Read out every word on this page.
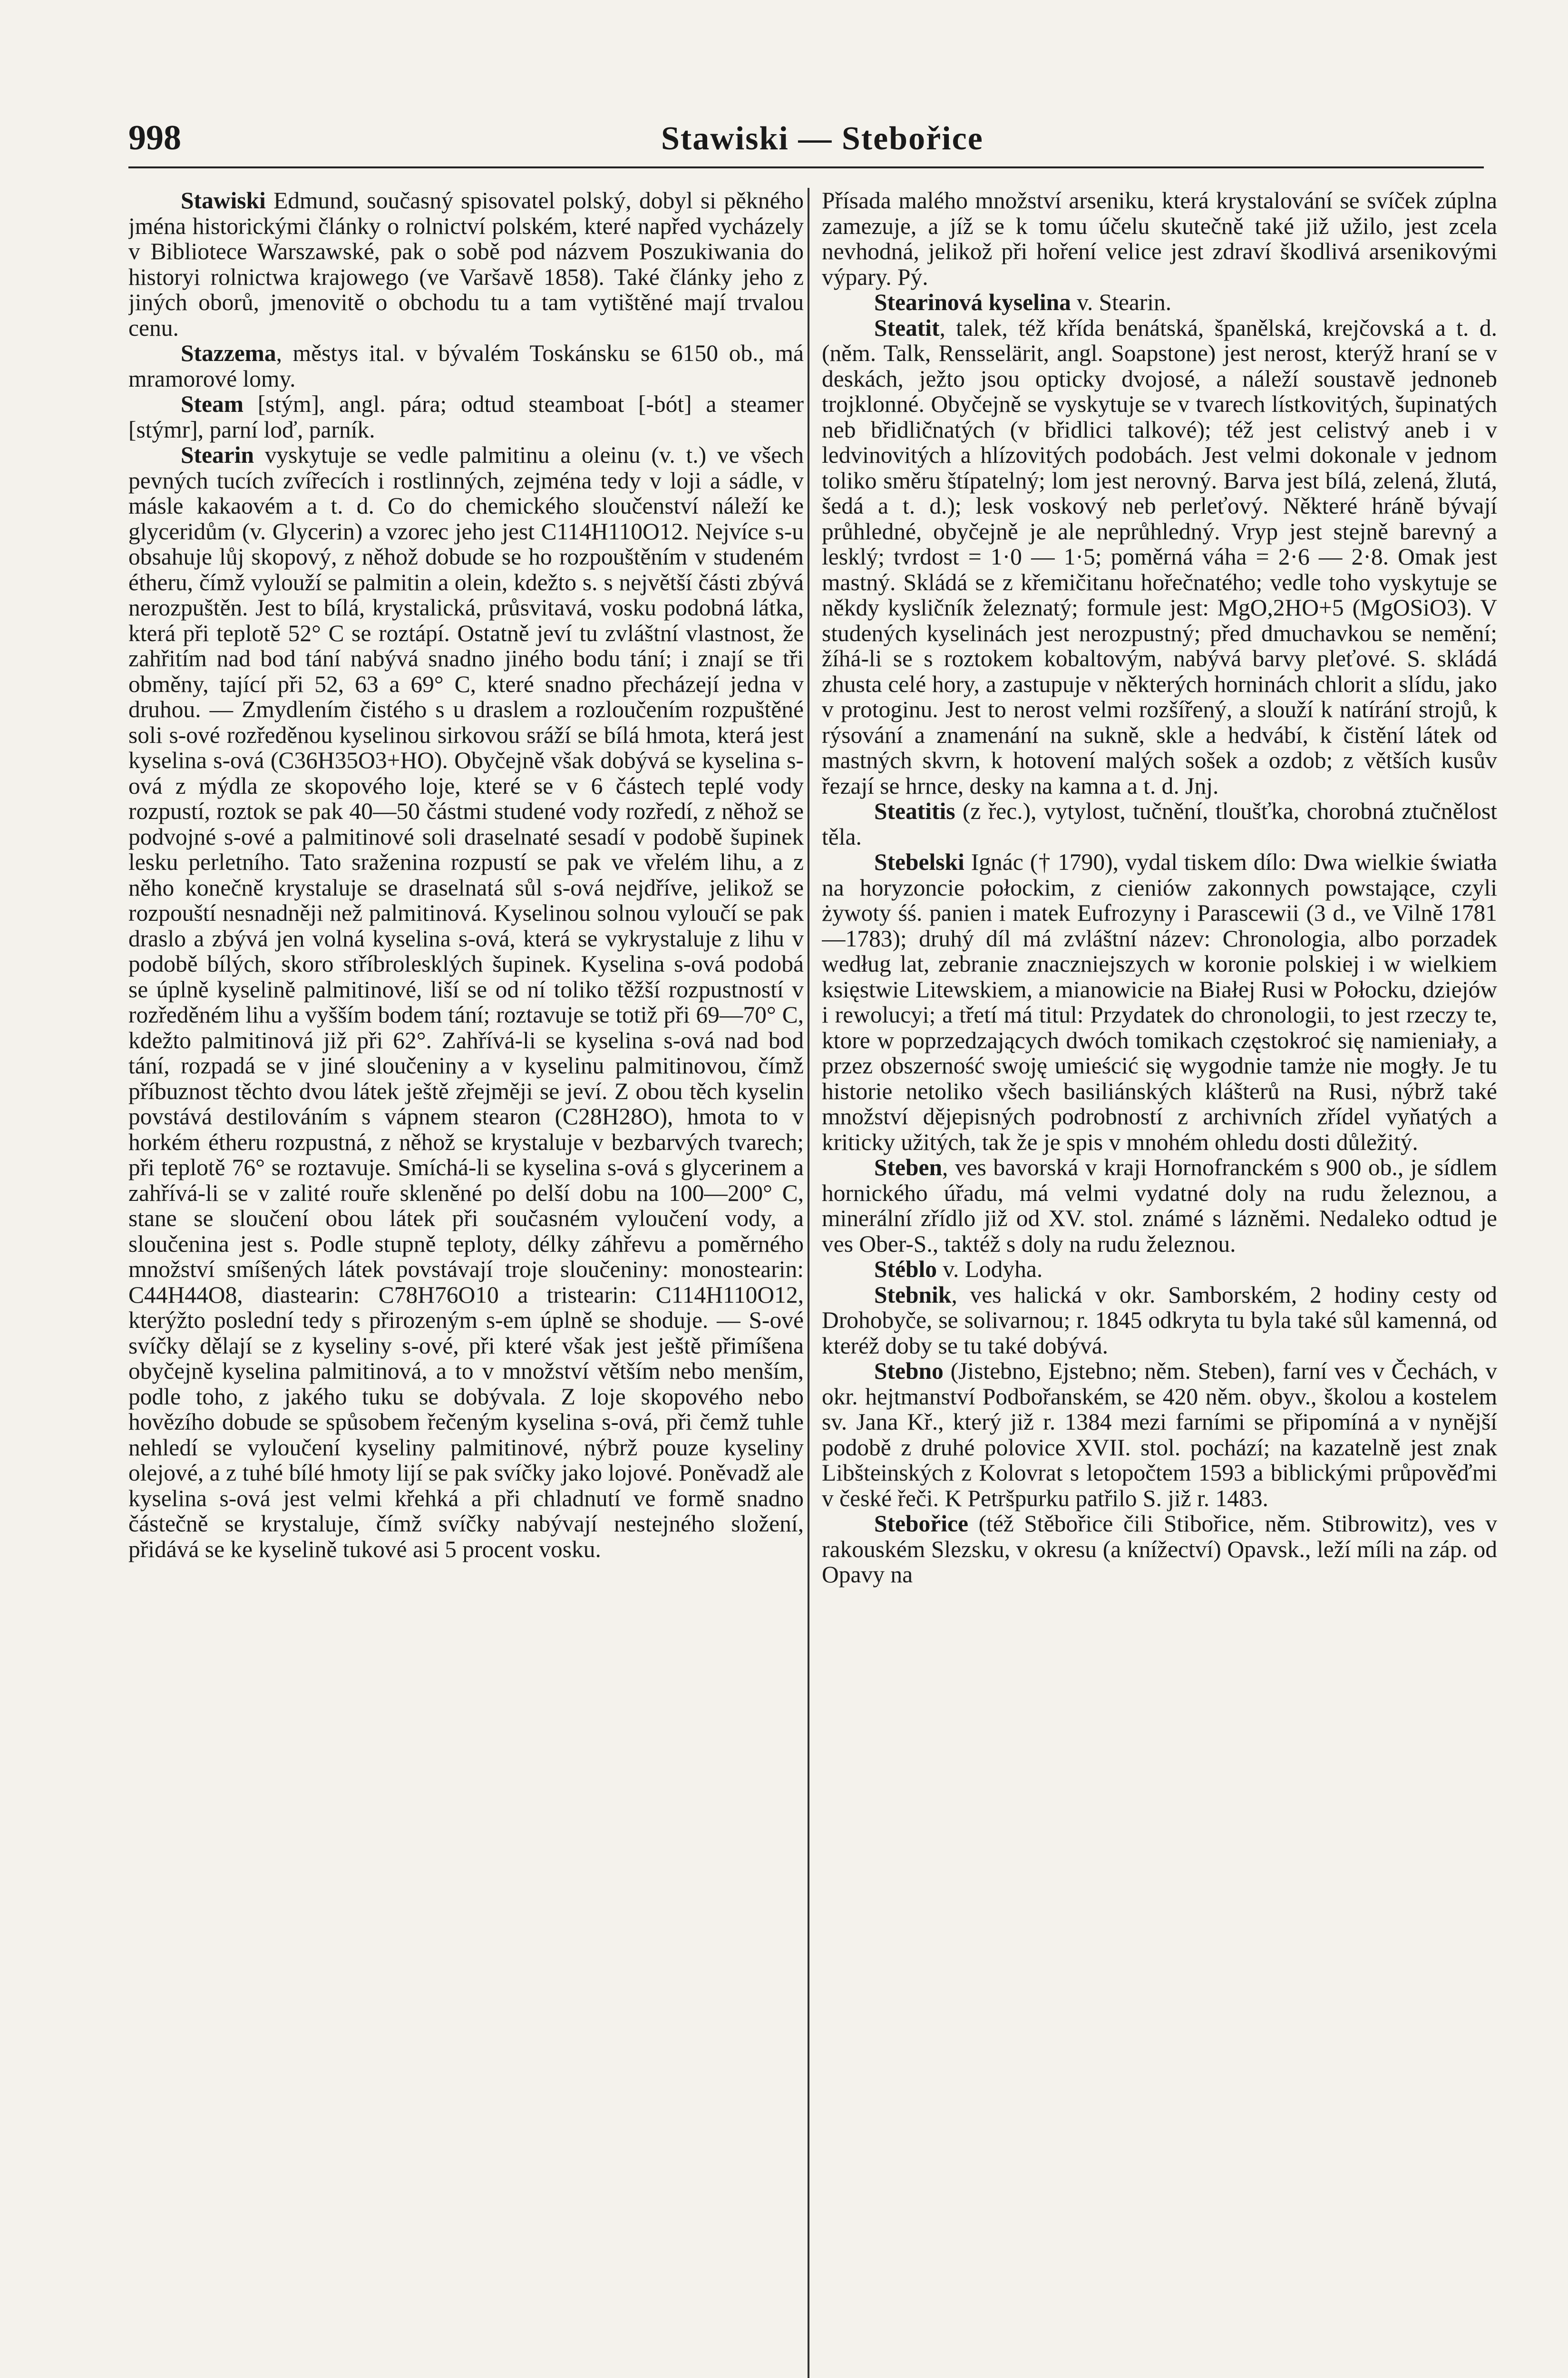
998	Stawiski — Stebořice

Stawiski Edmund, současný spisovatel polský, dobyl si pěkného jména historickými články o rolnictví polském, které napřed vycházely v Bibliotece Warszawské, pak o sobě pod názvem Poszukiwania do historyi rolnictwa krajowego (ve Varšavě 1858). Také články jeho z jiných oborů, jmenovitě o obchodu tu a tam vytištěné mají trvalou cenu.

Stazzema, městys ital. v bývalém Toskánsku se 6150 ob., má mramorové lomy.

Steam [stým], angl. pára; odtud steamboat [-bót] a steamer [stýmr], parní loď, parník.

Stearin vyskytuje se vedle palmitinu a oleinu (v. t.) ve všech pevných tucích zvířecích i rostlinných, zejména tedy v loji a sádle, v másle kakaovém a t. d. Co do chemického sloučenství náleží ke glyceridům (v. Glycerin) a vzorec jeho jest C114H110O12. Nejvíce s-u obsahuje lůj skopový, z něhož dobude se ho rozpouštěním v studeném étheru, čímž vylouží se palmitin a olein, kdežto s. s největší části zbývá nerozpuštěn. Jest to bílá, krystalická, průsvitavá, vosku podobná látka, která při teplotě 52° C se roztápí. Ostatně jeví tu zvláštní vlastnost, že zahřitím nad bod tání nabývá snadno jiného bodu tání; i znají se tři obměny, tající při 52, 63 a 69° C, které snadno přecházejí jedna v druhou. — Zmydlením čistého s u draslem a rozloučením rozpuštěné soli s-ové rozředěnou kyselinou sirkovou sráží se bílá hmota, která jest kyselina s-ová (C36H35O3+HO). Obyčejně však dobývá se kyselina s-ová z mýdla ze skopového loje, které se v 6 částech teplé vody rozpustí, roztok se pak 40—50 částmi studené vody rozředí, z něhož se podvojné s-ové a palmitinové soli draselnaté sesadí v podobě šupinek lesku perletního. Tato sraženina rozpustí se pak ve vřelém lihu, a z něho konečně krystaluje se draselnatá sůl s-ová nejdříve, jelikož se rozpouští nesnadněji než palmitinová. Kyselinou solnou vyloučí se pak draslo a zbývá jen volná kyselina s-ová, která se vykrystaluje z lihu v podobě bílých, skoro stříbrolesklých šupinek. Kyselina s-ová podobá se úplně kyselině palmitinové, liší se od ní toliko těžší rozpustností v rozředěném lihu a vyšším bodem tání; roztavuje se totiž při 69—70° C, kdežto palmitinová již při 62°. Zahřívá-li se kyselina s-ová nad bod tání, rozpadá se v jiné sloučeniny a v kyselinu palmitinovou, čímž příbuznost těchto dvou látek ještě zřejměji se jeví. Z obou těch kyselin povstává destilováním s vápnem stearon (C28H28O), hmota to v horkém étheru rozpustná, z něhož se krystaluje v bezbarvých tvarech; při teplotě 76° se roztavuje. Smíchá-li se kyselina s-ová s glycerinem a zahřívá-li se v zalité rouře skleněné po delší dobu na 100—200° C, stane se sloučení obou látek při současném vyloučení vody, a sloučenina jest s. Podle stupně teploty, délky záhřevu a poměrného množství smíšených látek povstávají troje sloučeniny: monostearin: C44H44O8, diastearin: C78H76O10 a tristearin: C114H110O12, kterýžto poslední tedy s přirozeným s-em úplně se shoduje. — S-ové svíčky dělají se z kyseliny s-ové, při které však jest ještě přimíšena obyčejně kyselina palmitinová, a to v množství větším nebo menším, podle toho, z jakého tuku se dobývala. Z loje skopového nebo hovězího dobude se spůsobem řečeným kyselina s-ová, při čemž tuhle nehledí se vyloučení kyseliny palmitinové, nýbrž pouze kyseliny olejové, a z tuhé bílé hmoty lijí se pak svíčky jako lojové. Poněvadž ale kyselina s-ová jest velmi křehká a při chladnutí ve formě snadno částečně se krystaluje, čímž svíčky nabývají nestejného složení, přidává se ke kyselině tukové asi 5 procent vosku.

Přísada malého množství arseniku, která krystalování se svíček zúplna zamezuje, a jíž se k tomu účelu skutečně také již užilo, jest zcela nevhodná, jelikož při hoření velice jest zdraví škodlivá arsenikovými výpary. Pý.

Stearinová kyselina v. Stearin.

Steatit, talek, též křída benátská, španělská, krejčovská a t. d. (něm. Talk, Rensselärit, angl. Soapstone) jest nerost, kterýž hraní se v deskách, ježto jsou opticky dvojosé, a náleží soustavě jednoneb trojklonné. Obyčejně se vyskytuje se v tvarech lístkovitých, šupinatých neb břidličnatých (v břidlici talkové); též jest celistvý aneb i v ledvinovitých a hlízovitých podobách. Jest velmi dokonale v jednom toliko směru štípatelný; lom jest nerovný. Barva jest bílá, zelená, žlutá, šedá a t. d.); lesk voskový neb perleťový. Některé hráně bývají průhledné, obyčejně je ale neprůhledný. Vryp jest stejně barevný a lesklý; tvrdost = 1·0 — 1·5; poměrná váha = 2·6 — 2·8. Omak jest mastný. Skládá se z křemičitanu hořečnatého; vedle toho vyskytuje se někdy kysličník železnatý; formule jest: MgO,2HO+5 (MgOSiO3). V studených kyselinách jest nerozpustný; před dmuchavkou se nemění; žíhá-li se s roztokem kobaltovým, nabývá barvy pleťové. S. skládá zhusta celé hory, a zastupuje v některých horninách chlorit a slídu, jako v protoginu. Jest to nerost velmi rozšířený, a slouží k natírání strojů, k rýsování a znamenání na sukně, skle a hedvábí, k čistění látek od mastných skvrn, k hotovení malých sošek a ozdob; z větších kusův řezají se hrnce, desky na kamna a t. d. Jnj.

Steatitis (z řec.), vytylost, tučnění, tloušťka, chorobná ztučnělost těla.

Stebelski Ignác († 1790), vydal tiskem dílo: Dwa wielkie światła na horyzoncie połockim, z cieniów zakonnych powstające, czyli żywoty śś. panien i matek Eufrozyny i Parascewii (3 d., ve Vilně 1781—1783); druhý díl má zvláštní název: Chronologia, albo porzadek według lat, zebranie znaczniejszych w koronie polskiej i w wielkiem księstwie Litewskiem, a mianowicie na Białej Rusi w Połocku, dziejów i rewolucyi; a třetí má titul: Przydatek do chronologii, to jest rzeczy te, ktore w poprzedzających dwóch tomikach częstokroć się namieniały, a przez obszerność swoję umieścić się wygodnie tamże nie mogły. Je tu historie netoliko všech basiliánských klášterů na Rusi, nýbrž také množství dějepisných podrobností z archivních zřídel vyňatých a kriticky užitých, tak že je spis v mnohém ohledu dosti důležitý.

Steben, ves bavorská v kraji Hornofranckém s 900 ob., je sídlem hornického úřadu, má velmi vydatné doly na rudu železnou, a minerální zřídlo již od XV. stol. známé s lázněmi. Nedaleko odtud je ves Ober-S., taktéž s doly na rudu železnou.

Stéblo v. Lodyha.

Stebnik, ves halická v okr. Samborském, 2 hodiny cesty od Drohobyče, se solivarnou; r. 1845 odkryta tu byla také sůl kamenná, od kteréž doby se tu také dobývá.

Stebno (Jistebno, Ejstebno; něm. Steben), farní ves v Čechách, v okr. hejtmanství Podbořanském, se 420 něm. obyv., školou a kostelem sv. Jana Kř., který již r. 1384 mezi farními se připomíná a v nynější podobě z druhé polovice XVII. stol. pochází; na kazatelně jest znak Libšteinských z Kolovrat s letopočtem 1593 a biblickými průpověďmi v české řeči. K Petršpurku patřilo S. již r. 1483.

Stebořice (též Stěbořice čili Stibořice, něm. Stibrowitz), ves v rakouském Slezsku, v okresu (a knížectví) Opavsk., leží míli na záp. od Opavy na
